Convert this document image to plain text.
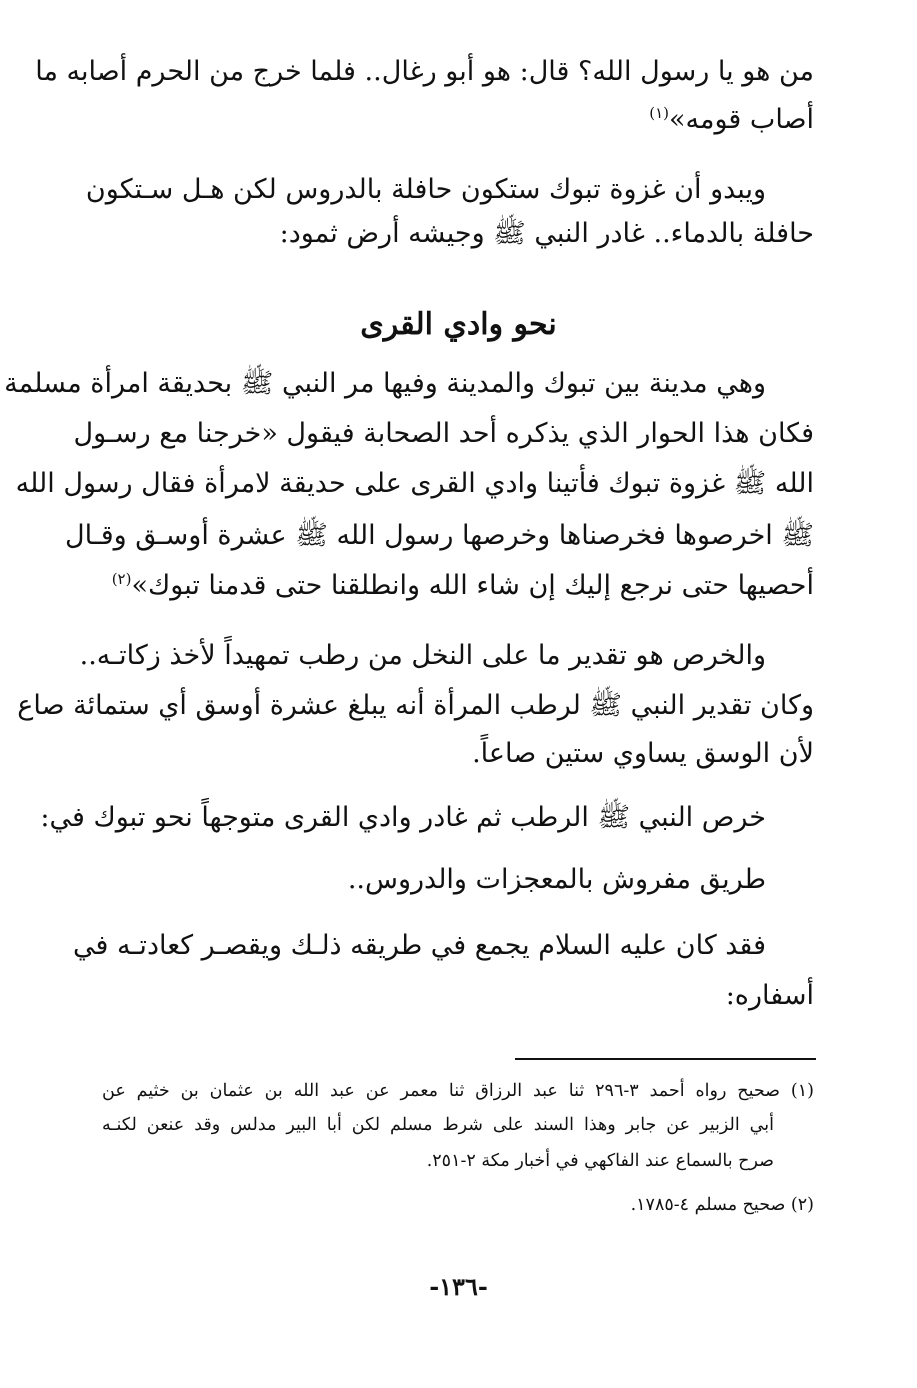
من هو يا رسول الله؟ قال: هو أبو رغال.. فلما خرج من الحرم أصابه ما
أصاب قومه»$^{(١)}$
ويبدو أن غزوة تبوك ستكون حافلة بالدروس لكن هـل سـتكون
حافلة بالدماء.. غادر النبي ﷺ وجيشه أرض ثمود:
نحو وادي القرى
وهي مدينة بين تبوك والمدينة وفيها مر النبي ﷺ بحديقة امرأة مسلمة
فكان هذا الحوار الذي يذكره أحد الصحابة فيقول «خرجنا مع رسـول
الله ﷺ غزوة تبوك فأتينا وادي القرى على حديقة لامرأة فقال رسول الله
ﷺ اخرصوها فخرصناها وخرصها رسول الله ﷺ عشرة أوسـق وقـال
أحصيها حتى نرجع إليك إن شاء الله وانطلقنا حتى قدمنا تبوك»$^{(٢)}$
والخرص هو تقدير ما على النخل من رطب تمهيداً لأخذ زكاتـه..
وكان تقدير النبي ﷺ لرطب المرأة أنه يبلغ عشرة أوسق أي ستمائة صاع
لأن الوسق يساوي ستين صاعاً.
خرص النبي ﷺ الرطب ثم غادر وادي القرى متوجهاً نحو تبوك في:
طريق مفروش بالمعجزات والدروس..
فقد كان عليه السلام يجمع في طريقه ذلـك ويقصـر كعادتـه في
أسفاره:
(١) صحيح رواه أحمد ٣-٢٩٦ ثنا عبد الرزاق ثنا معمر عن عبد الله بن عثمان بن خثيم عن
أبي الزبير عن جابر وهذا السند على شرط مسلم لكن أبا البير مدلس وقد عنعن لكنـه
صرح بالسماع عند الفاكهي في أخبار مكة ٢-٢٥١.
(٢) صحيح مسلم ٤-١٧٨٥.
-١٣٦-
